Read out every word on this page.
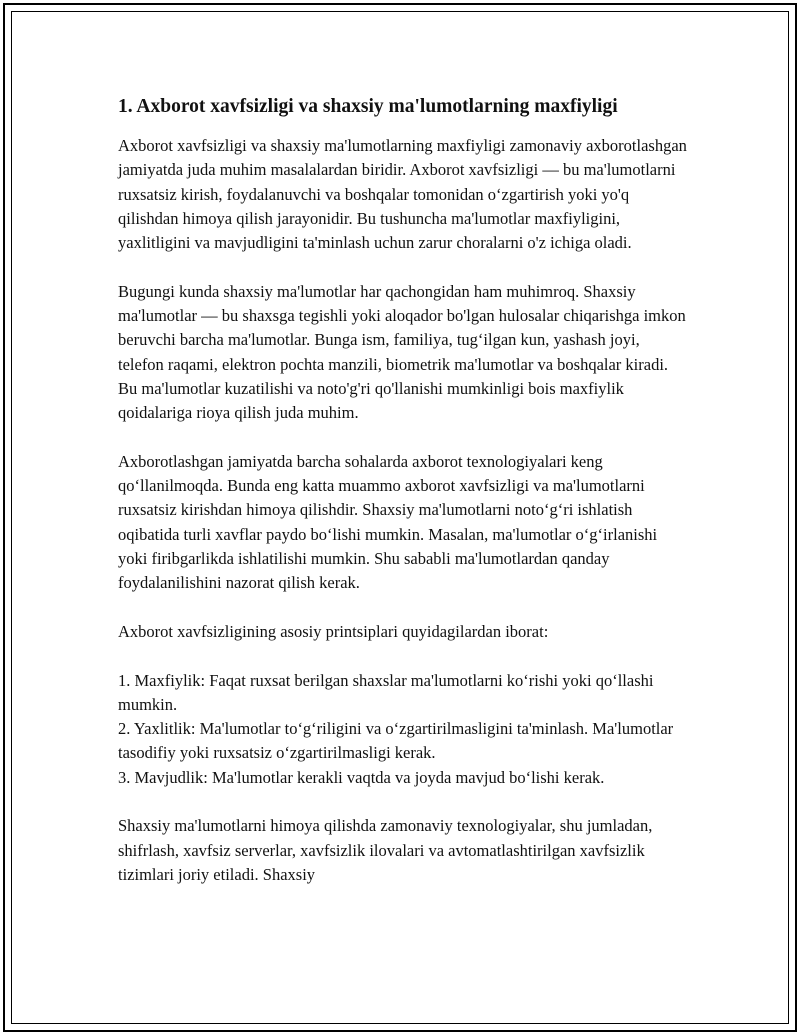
1. Axborot xavfsizligi va shaxsiy ma'lumotlarning maxfiyligi

Axborot xavfsizligi va shaxsiy ma'lumotlarning maxfiyligi zamonaviy axborotlashgan jamiyatda juda muhim masalalardan biridir. Axborot xavfsizligi — bu ma'lumotlarni ruxsatsiz kirish, foydalanuvchi va boshqalar tomonidan o‘zgartirish yoki yo'q qilishdan himoya qilish jarayonidir. Bu tushuncha ma'lumotlar maxfiyligini, yaxlitligini va mavjudligini ta'minlash uchun zarur choralarni o'z ichiga oladi.

Bugungi kunda shaxsiy ma'lumotlar har qachongidan ham muhimroq. Shaxsiy ma'lumotlar — bu shaxsga tegishli yoki aloqador bo'lgan hulosalar chiqarishga imkon beruvchi barcha ma'lumotlar. Bunga ism, familiya, tug‘ilgan kun, yashash joyi, telefon raqami, elektron pochta manzili, biometrik ma'lumotlar va boshqalar kiradi. Bu ma'lumotlar kuzatilishi va noto'g'ri qo'llanishi mumkinligi bois maxfiylik qoidalariga rioya qilish juda muhim.

Axborotlashgan jamiyatda barcha sohalarda axborot texnologiyalari keng qo‘llanilmoqda. Bunda eng katta muammo axborot xavfsizligi va ma'lumotlarni ruxsatsiz kirishdan himoya qilishdir. Shaxsiy ma'lumotlarni noto‘g‘ri ishlatish oqibatida turli xavflar paydo bo‘lishi mumkin. Masalan, ma'lumotlar o‘g‘irlanishi yoki firibgarlikda ishlatilishi mumkin. Shu sababli ma'lumotlardan qanday foydalanilishini nazorat qilish kerak.

Axborot xavfsizligining asosiy printsiplari quyidagilardan iborat:

1. Maxfiylik: Faqat ruxsat berilgan shaxslar ma'lumotlarni ko‘rishi yoki qo‘llashi mumkin.
2. Yaxlitlik: Ma'lumotlar to‘g‘riligini va o‘zgartirilmasligini ta'minlash. Ma'lumotlar tasodifiy yoki ruxsatsiz o‘zgartirilmasligi kerak.
3. Mavjudlik: Ma'lumotlar kerakli vaqtda va joyda mavjud bo‘lishi kerak.

Shaxsiy ma'lumotlarni himoya qilishda zamonaviy texnologiyalar, shu jumladan, shifrlash, xavfsiz serverlar, xavfsizlik ilovalari va avtomatlashtirilgan xavfsizlik tizimlari joriy etiladi. Shaxsiy
